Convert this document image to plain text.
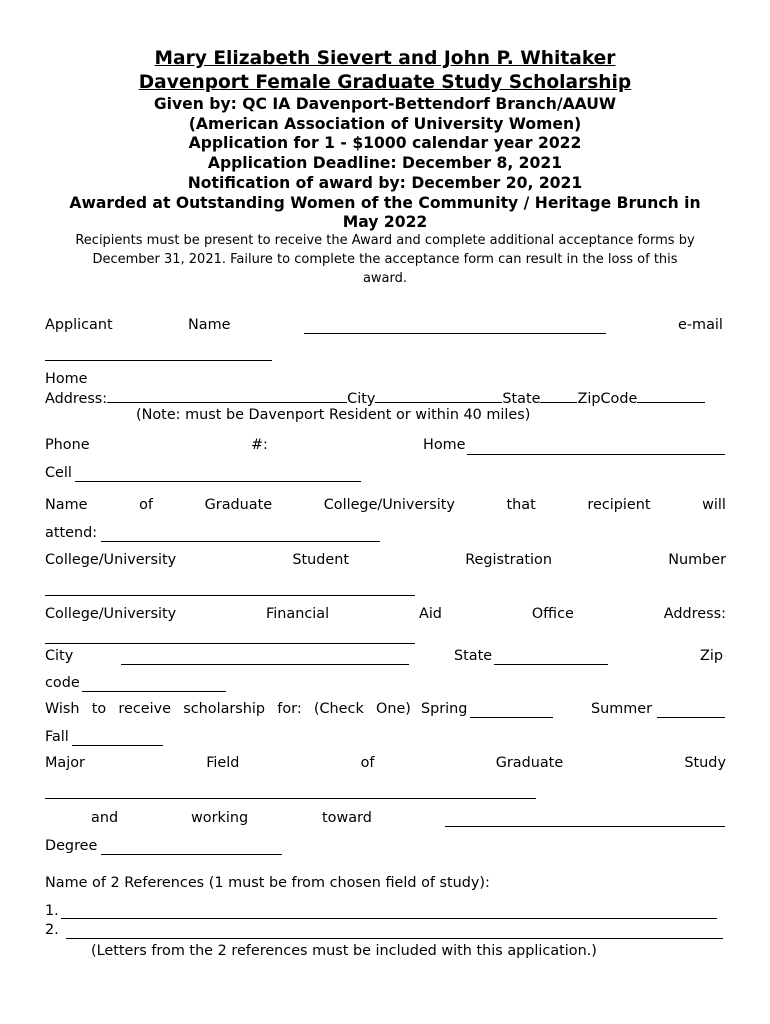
Mary Elizabeth Sievert and John P. Whitaker
Davenport Female Graduate Study Scholarship
Given by: QC IA Davenport-Bettendorf Branch/AAUW
(American Association of University Women)
Application for 1 - $1000 calendar year 2022
Application Deadline: December 8, 2021
Notification of award by: December 20, 2021
Awarded at Outstanding Women of the Community / Heritage Brunch in
May 2022
Recipients must be present to receive the Award and complete additional acceptance forms by
December 31, 2021. Failure to complete the acceptance form can result in the loss of this
award.
Applicant	Name	e-mail
Home
Address:	City	State	ZipCode
(Note: must be Davenport Resident or within 40 miles)
Phone	#:	Home
Cell
Name	of	Graduate	College/University	that	recipient	will
attend:
College/University	Student	Registration	Number
College/University	Financial	Aid	Office	Address:
City	State	Zip
code
Wish to receive scholarship for: (Check One) Spring	Summer
Fall
Major	Field	of	Graduate	Study
and	working	toward
Degree
Name of 2 References (1 must be from chosen field of study):
1.
2.
(Letters from the 2 references must be included with this application.)
